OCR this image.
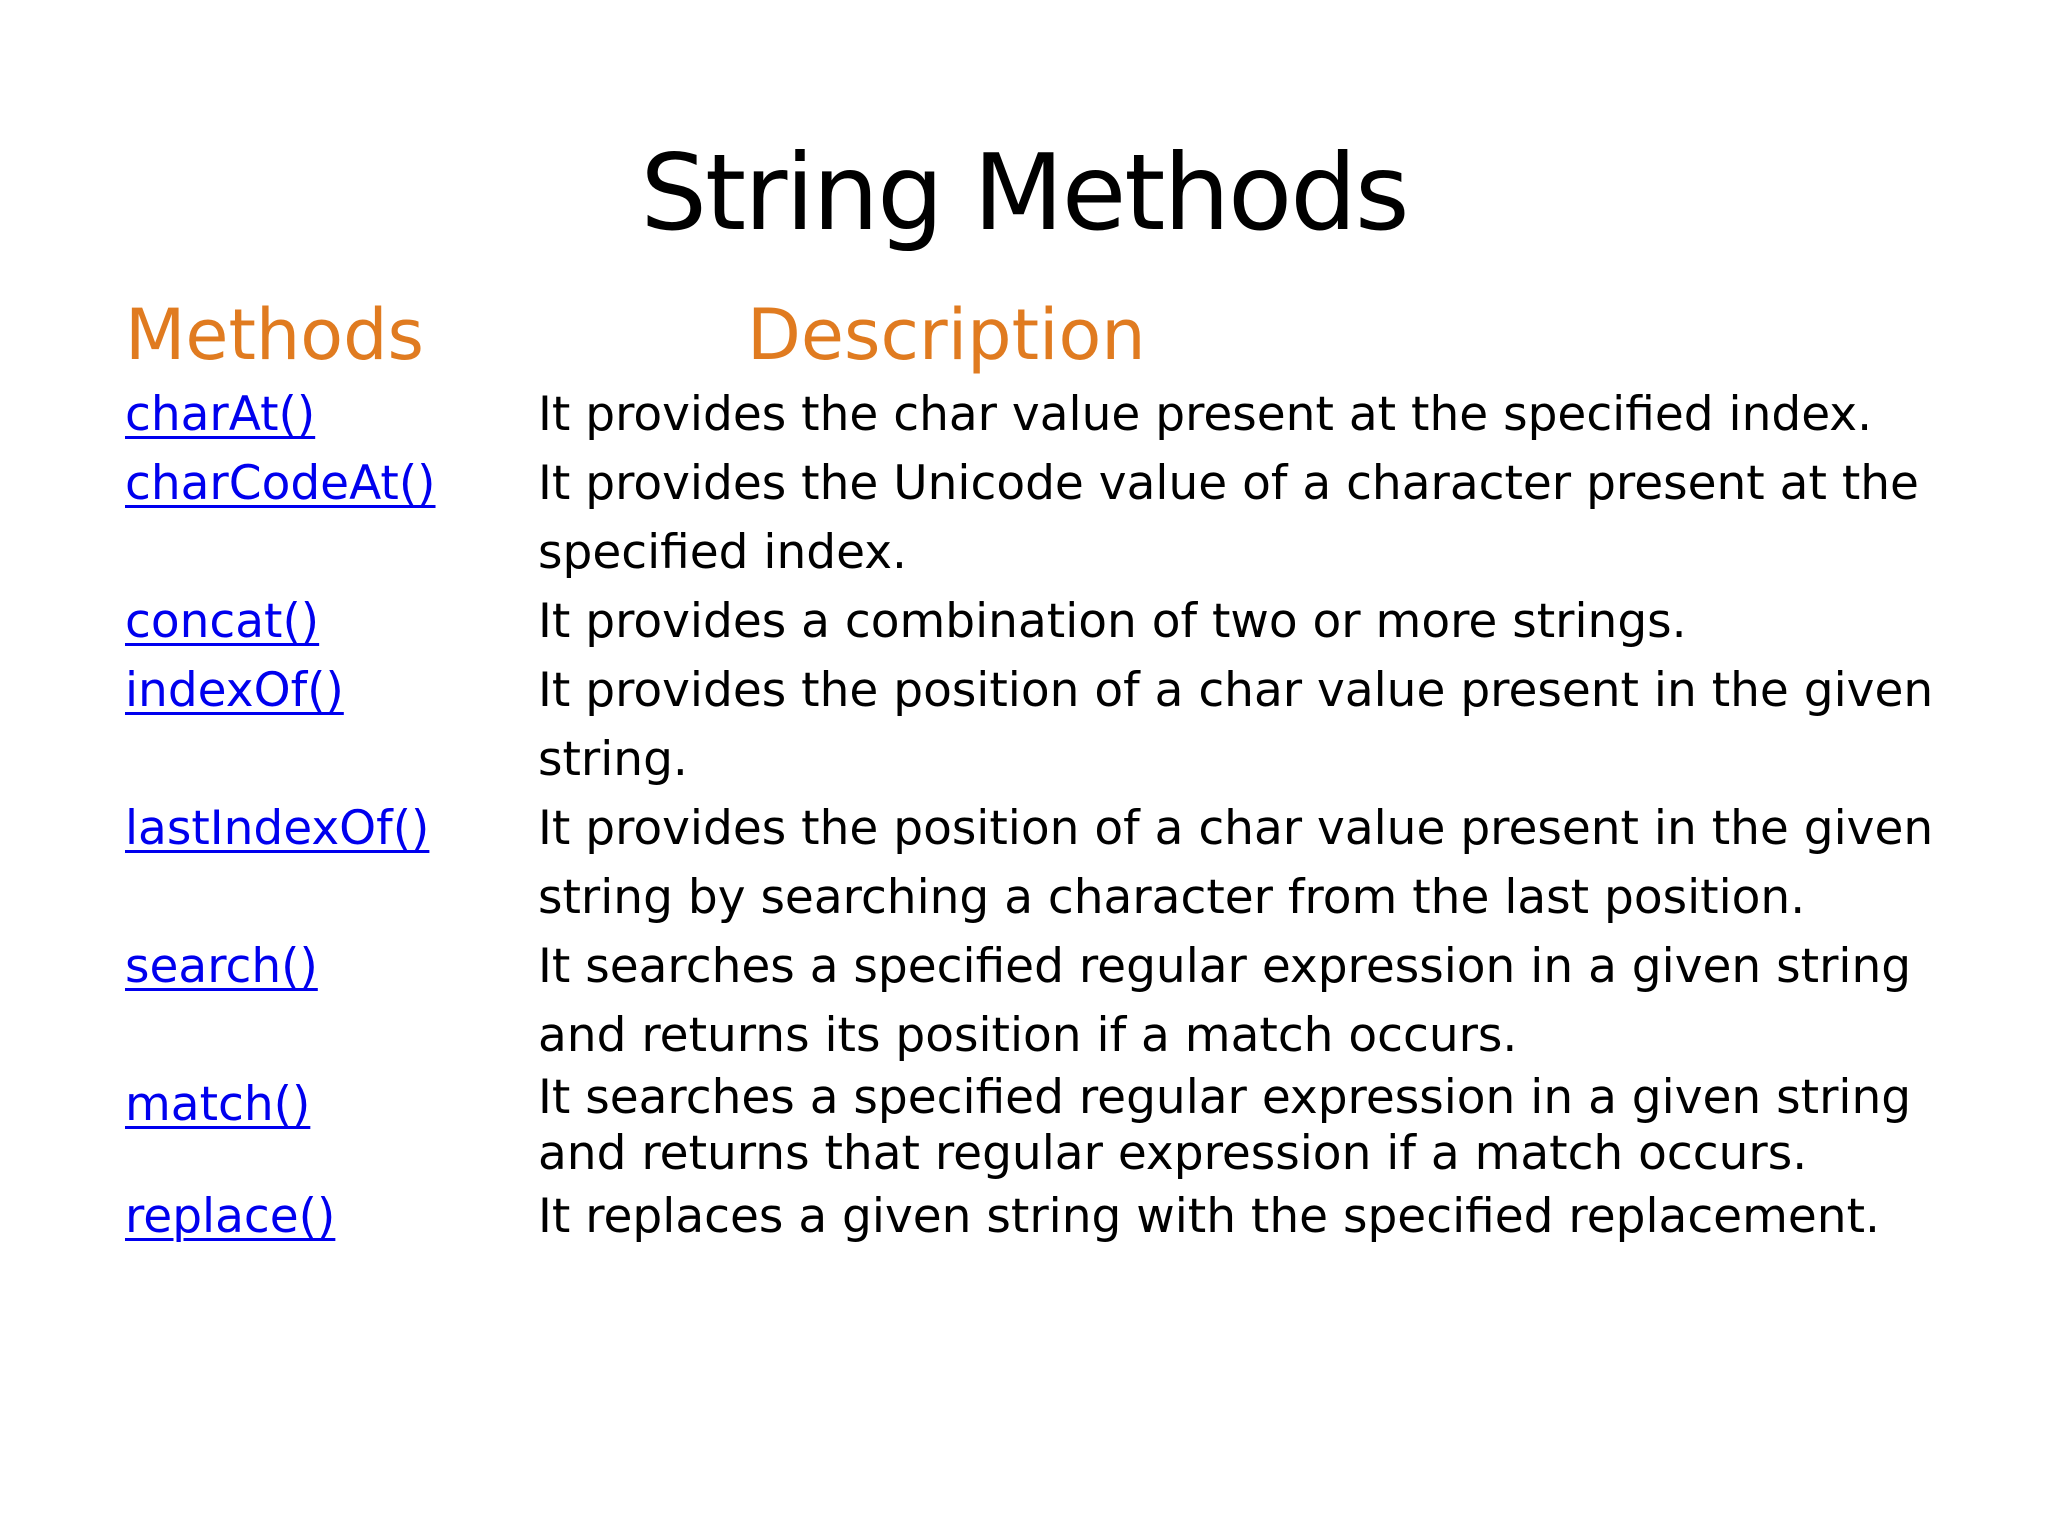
String Methods
Methods	Description
charAt()	It provides the char value present at the specified index.
charCodeAt() It provides the Unicode value of a character present at the specified index.
concat()	It provides a combination of two or more strings.
indexOf()	It provides the position of a char value present in the given string.
lastIndexOf() It provides the position of a char value present in the given string by searching a character from the last position.
search()	It searches a specified regular expression in a given string and returns its position if a match occurs.
match()	It searches a specified regular expression in a given string and returns that regular expression if a match occurs.
replace()	It replaces a given string with the specified replacement.
